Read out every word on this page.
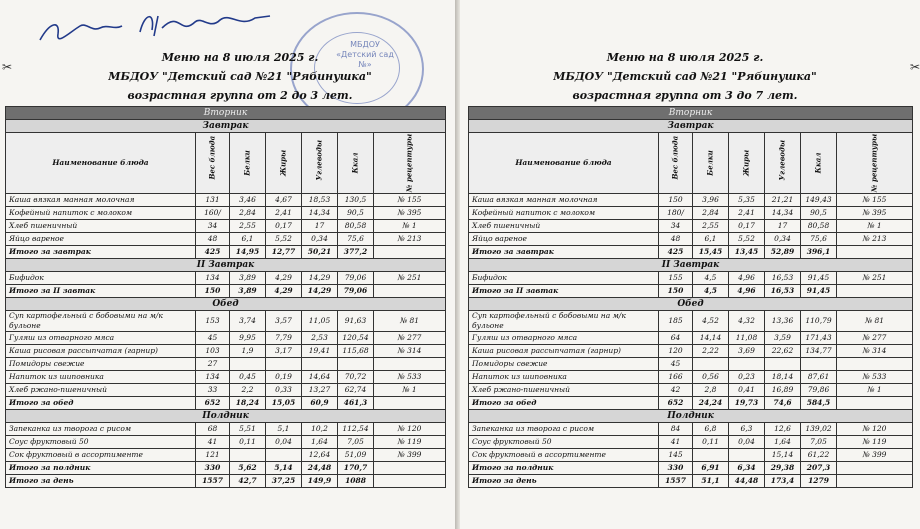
МБДОУ «Детский сад №»
Меню на 8 июля 2025 г.
МБДОУ "Детский сад №21 "Рябинушка"
возрастная группа от 2 до 3 лет.
Вторник						
Завтрак						
Наименование блюда	Вес блюда	Белки	Жиры	Углеводы	Ккал	№ рецептуры

Каша вязкая манная молочная	131	3,46	4,67	18,53	130,5	№ 155
Кофейный напиток с молоком	160/	2,84	2,41	14,34	90,5	№ 395
Хлеб пшеничный	34	2,55	0,17	17	80,58	№ 1
Яйцо вареное	48	6,1	5,52	0,34	75,6	№ 213
Итого за завтрак	425	14,95	12,77	50,21	377,2	
II Завтрак						
Бифидок	134	3,89	4,29	14,29	79,06	№ 251
Итого за II завтак	150	3,89	4,29	14,29	79,06	
Обед						
Суп картофельный с бобовыми на м/к бульоне	153	3,74	3,57	11,05	91,63	№ 81
Гуляш из отварного мяса	45	9,95	7,79	2,53	120,54	№ 277
Каша рисовая рассыпчатая (гарнир)	103	1,9	3,17	19,41	115,68	№ 314
Помидоры свежие	27					
Напиток из шиповника	134	0,45	0,19	14,64	70,72	№ 533
Хлеб ржано-пшеничный	33	2,2	0,33	13,27	62,74	№ 1
Итого за обед	652	18,24	15,05	60,9	461,3	
Полдник						
Запеканка из творога с рисом	68	5,51	5,1	10,2	112,54	№ 120
Соус фруктовый 50	41	0,11	0,04	1,64	7,05	№ 119
Сок фруктовый в ассортименте	121			12,64	51,09	№ 399
Итого за полдник	330	5,62	5,14	24,48	170,7	
Итого за день	1557	42,7	37,25	149,9	1088	
Меню на 8 июля 2025 г.
МБДОУ "Детский сад №21 "Рябинушка"
возрастная группа от 3 до 7 лет.
Вторник						
Завтрак						
Наименование блюда	Вес блюда	Белки	Жиры	Углеводы	Ккал	№ рецептуры

Каша вязкая манная молочная	150	3,96	5,35	21,21	149,43	№ 155
Кофейный напиток с молоком	180/	2,84	2,41	14,34	90,5	№ 395
Хлеб пшеничный	34	2,55	0,17	17	80,58	№ 1
Яйцо вареное	48	6,1	5,52	0,34	75,6	№ 213
Итого за завтрак	425	15,45	13,45	52,89	396,1	
II Завтрак						
Бифидок	155	4,5	4,96	16,53	91,45	№ 251
Итого за II завтак	150	4,5	4,96	16,53	91,45	
Обед						
Суп картофельный с бобовыми на м/к бульоне	185	4,52	4,32	13,36	110,79	№ 81
Гуляш из отварного мяса	64	14,14	11,08	3,59	171,43	№ 277
Каша рисовая рассыпчатая (гарнир)	120	2,22	3,69	22,62	134,77	№ 314
Помидоры свежие	45					
Напиток из шиповника	166	0,56	0,23	18,14	87,61	№ 533
Хлеб ржано-пшеничный	42	2,8	0,41	16,89	79,86	№ 1
Итого за обед	652	24,24	19,73	74,6	584,5	
Полдник						
Запеканка из творога с рисом	84	6,8	6,3	12,6	139,02	№ 120
Соус фруктовый 50	41	0,11	0,04	1,64	7,05	№ 119
Сок фруктовый в ассортименте	145			15,14	61,22	№ 399
Итого за полдник	330	6,91	6,34	29,38	207,3	
Итого за день	1557	51,1	44,48	173,4	1279	
✂
✂
